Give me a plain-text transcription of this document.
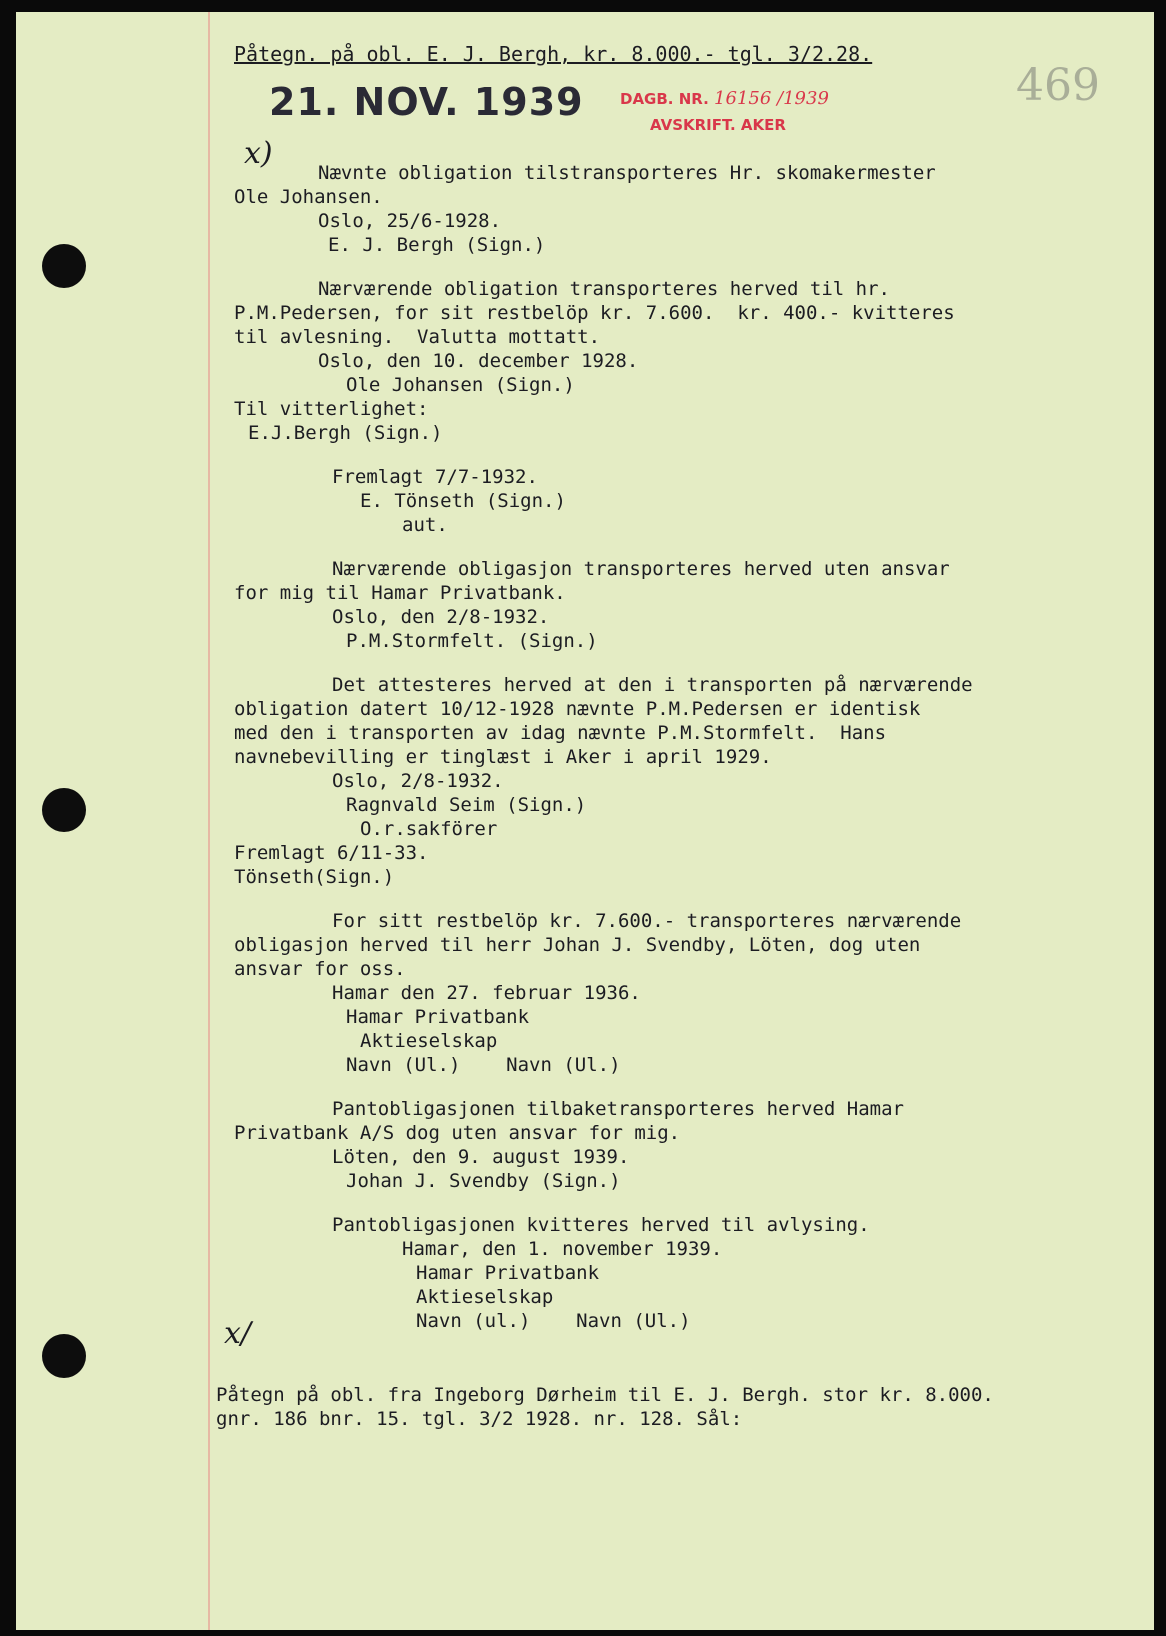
Påtegn. på obl. E. J. Bergh, kr. 8.000.- tgl. 3/2.28.
21. NOV. 1939 DAGB. NR. 16156 /1939
AVSKRIFT. AKER
469
x)
x/
Nævnte obligation tilstransporteres Hr. skomakermester
Ole Johansen.
Oslo, 25/6-1928.
E. J. Bergh (Sign.)
Nærværende obligation transporteres herved til hr.
P.M.Pedersen, for sit restbelöp kr. 7.600.  kr. 400.- kvitteres
til avlesning.  Valutta mottatt.
Oslo, den 10. december 1928.
Ole Johansen (Sign.)
Til vitterlighet:
E.J.Bergh (Sign.)
Fremlagt 7/7-1932.
E. Tönseth (Sign.)
aut.
Nærværende obligasjon transporteres herved uten ansvar
for mig til Hamar Privatbank.
Oslo, den 2/8-1932.
P.M.Stormfelt. (Sign.)
Det attesteres herved at den i transporten på nærværende
obligation datert 10/12-1928 nævnte P.M.Pedersen er identisk
med den i transporten av idag nævnte P.M.Stormfelt.  Hans
navnebevilling er tinglæst i Aker i april 1929.
Oslo, 2/8-1932.
Ragnvald Seim (Sign.)
O.r.sakförer
Fremlagt 6/11-33.
Tönseth(Sign.)
For sitt restbelöp kr. 7.600.- transporteres nærværende
obligasjon herved til herr Johan J. Svendby, Löten, dog uten
ansvar for oss.
Hamar den 27. februar 1936.
Hamar Privatbank
Aktieselskap
Navn (Ul.)    Navn (Ul.)
Pantobligasjonen tilbaketransporteres herved Hamar
Privatbank A/S dog uten ansvar for mig.
Löten, den 9. august 1939.
Johan J. Svendby (Sign.)
Pantobligasjonen kvitteres herved til avlysing.
Hamar, den 1. november 1939.
Hamar Privatbank
Aktieselskap
Navn (ul.)    Navn (Ul.)
Påtegn på obl. fra Ingeborg Dørheim til E. J. Bergh. stor kr. 8.000.
gnr. 186 bnr. 15. tgl. 3/2 1928. nr. 128. Sål:
